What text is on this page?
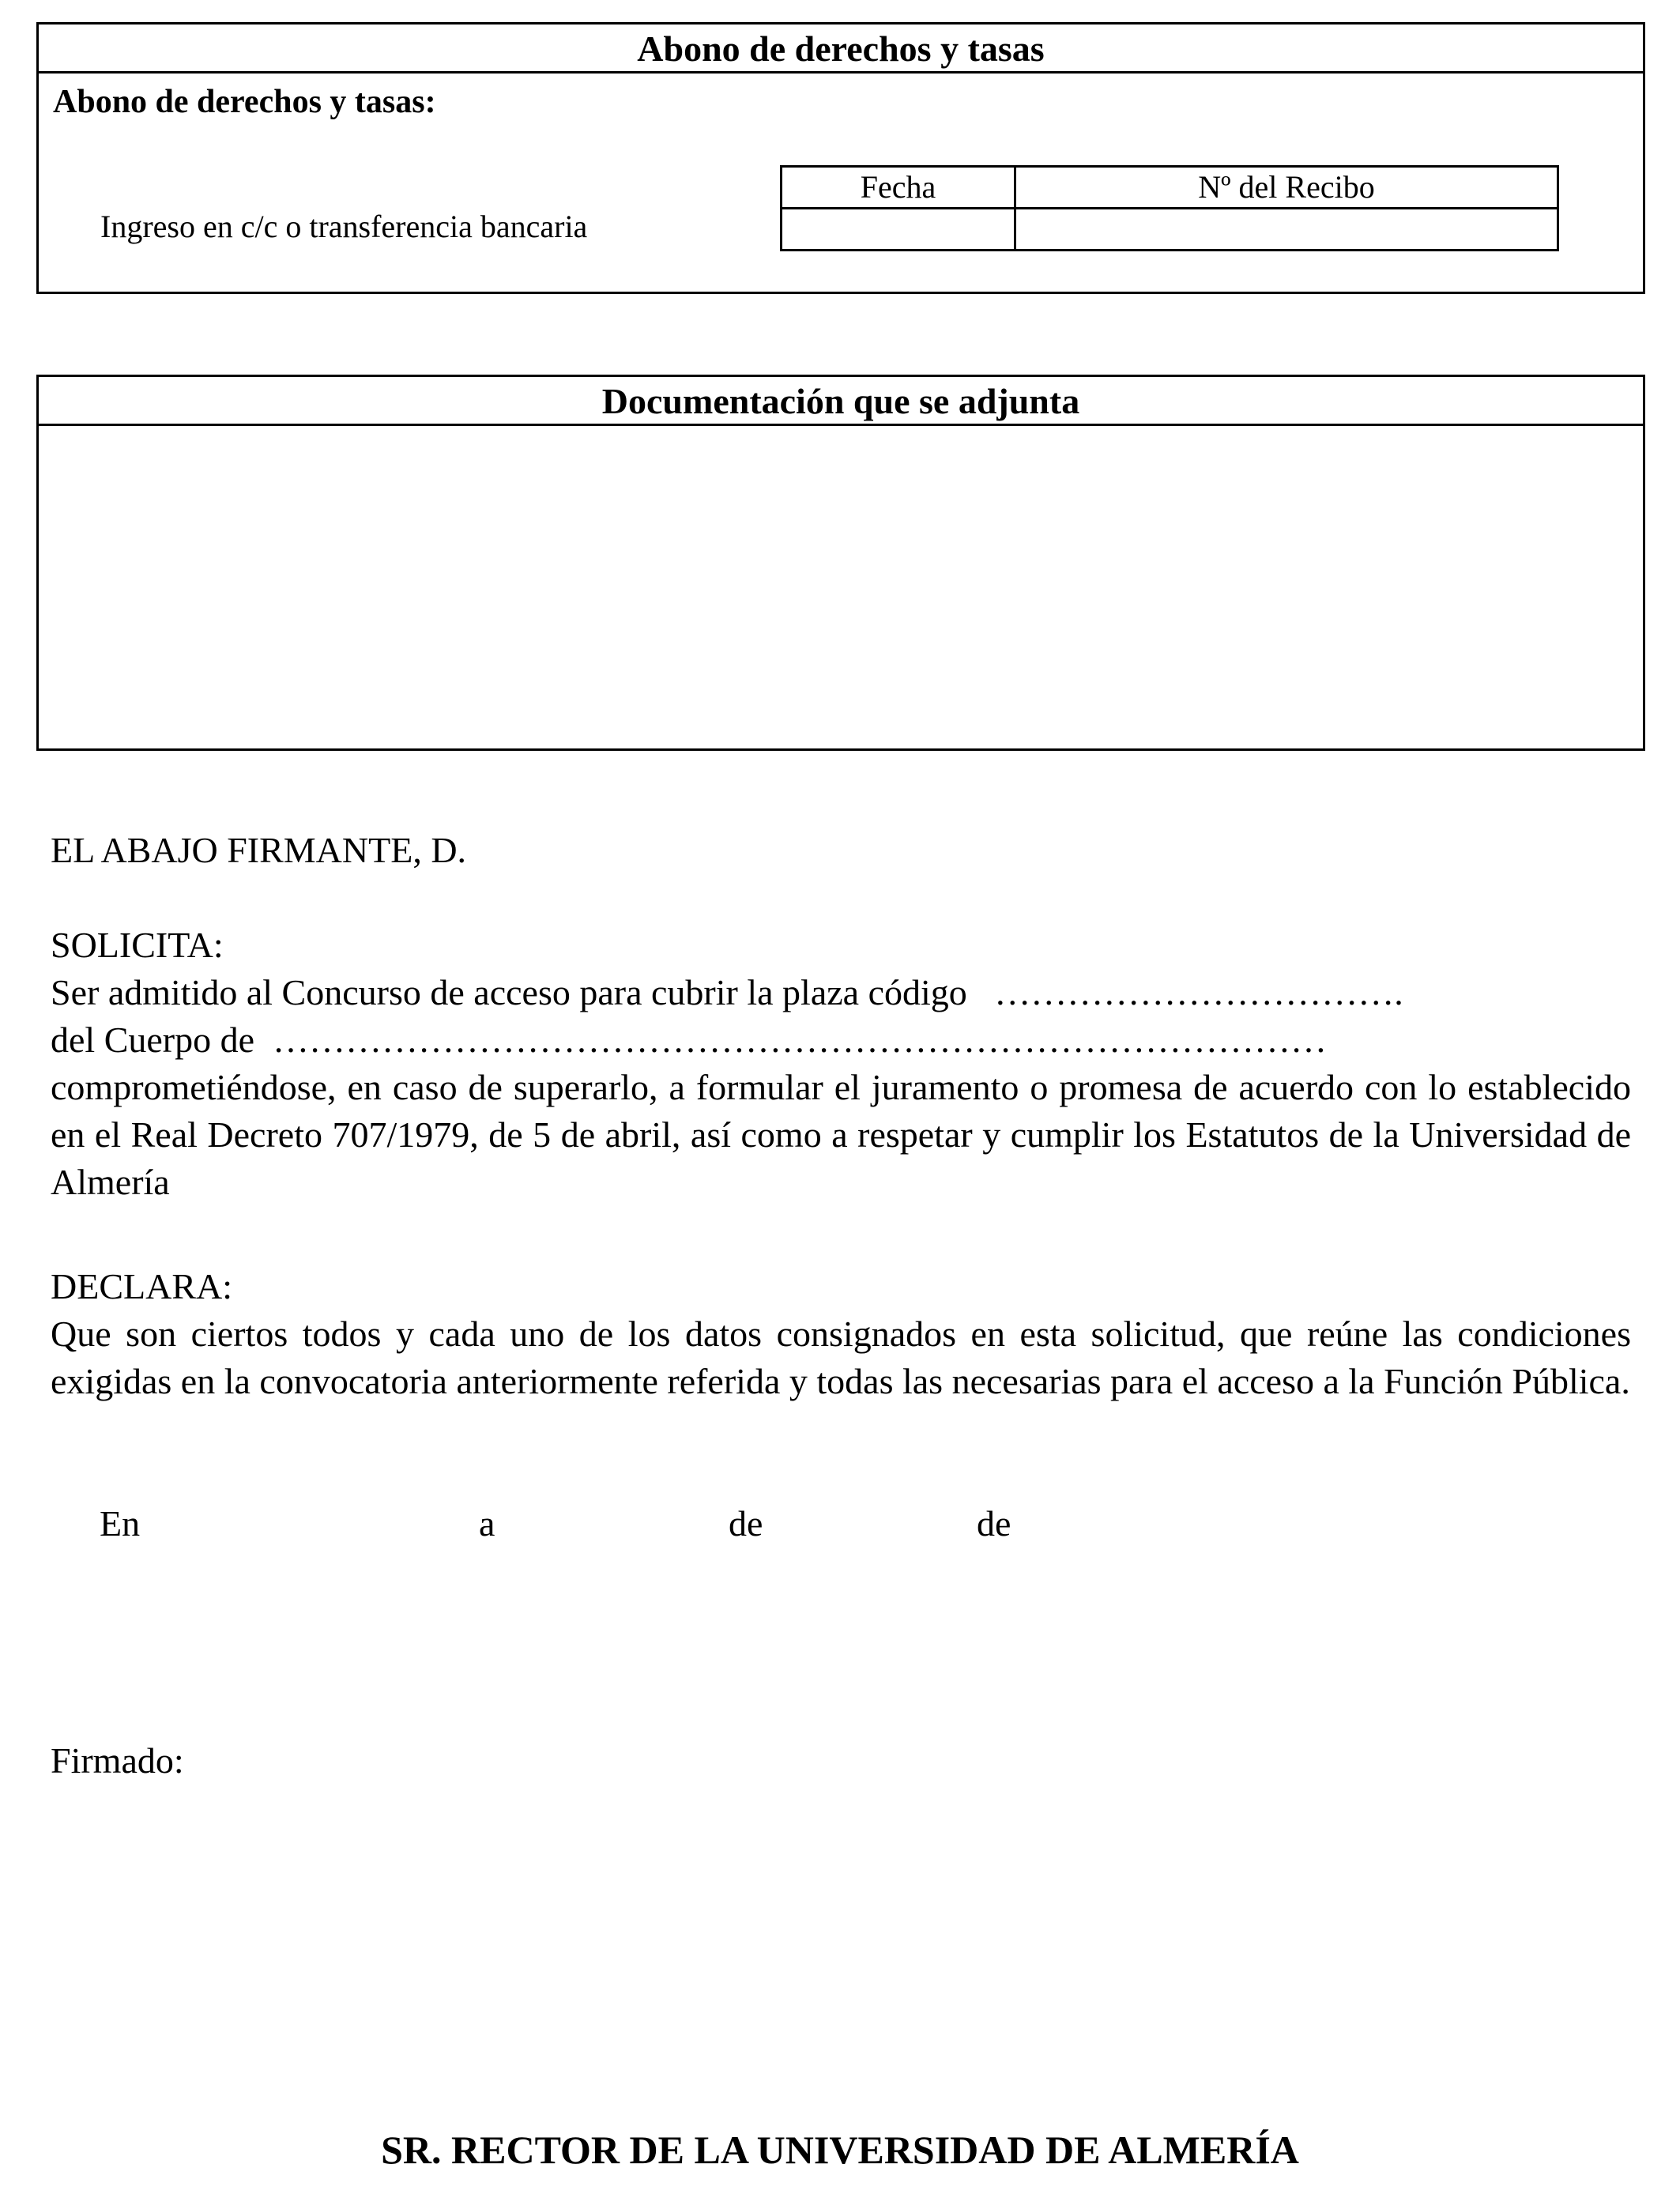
Abono de derechos y tasas
Abono de derechos y tasas:
Ingreso en c/c o transferencia bancaria
Fecha	Nº del Recibo

Documentación que se adjunta
EL ABAJO FIRMANTE, D.
SOLICITA:
Ser admitido al Concurso de acceso para cubrir la plaza código   …………………………….
del Cuerpo de  ……………………………………………………………………………
comprometiéndose, en caso de superarlo, a formular el juramento o promesa de acuerdo con lo establecido en el Real Decreto 707/1979, de 5 de abril, así como a respetar y cumplir los Estatutos de la Universidad de Almería
DECLARA:
Que son ciertos todos y cada uno de los datos consignados en esta solicitud, que reúne las condiciones exigidas en la convocatoria anteriormente referida y todas las necesarias para el acceso a la Función Pública.
En	a	de	de
Firmado:
SR. RECTOR DE LA UNIVERSIDAD DE ALMERÍA
